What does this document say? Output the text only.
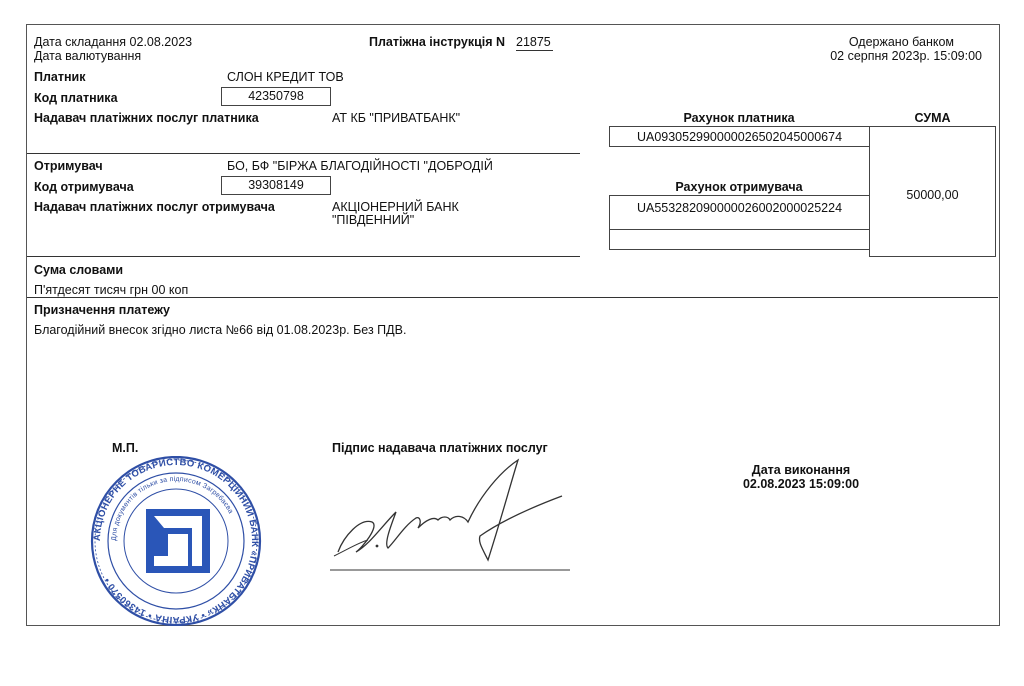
Дата складання 02.08.2023
Дата валютування
Платіжна інструкція N 21875	Одержано банком
02 серпня 2023р. 15:09:00
Платник	СЛОН КРЕДИТ ТОВ
Код платника	42350798
Надавач платіжних послуг платника	АТ КБ "ПРИВАТБАНК"
Отримувач	БО, БФ "БІРЖА БЛАГОДІЙНОСТІ "ДОБРОДІЙ
Код отримувача	39308149
Надавач платіжних послуг отримувача	АКЦІОНЕРНИЙ БАНК
"ПІВДЕННИЙ"
Рахунок платника	СУМА
UA093052990000026502045000674
50000,00
Рахунок отримувача
UA553282090000026002000025224
Сума словами
П'ятдесят тисяч грн 00 коп
Призначення платежу
Благодійний внесок згідно листа №66 від 01.08.2023р. Без ПДВ.
М.П.	Підпис надавача платіжних послуг
Дата виконання
02.08.2023 15:09:00
АКЦІОНЕРНЕ ТОВАРИСТВО КОМЕРЦІЙНИЙ БАНК «ПРИВАТБАНК» • УКРАЇНА • 14360570 •
Для документів тільки за підписом Загребаєва
